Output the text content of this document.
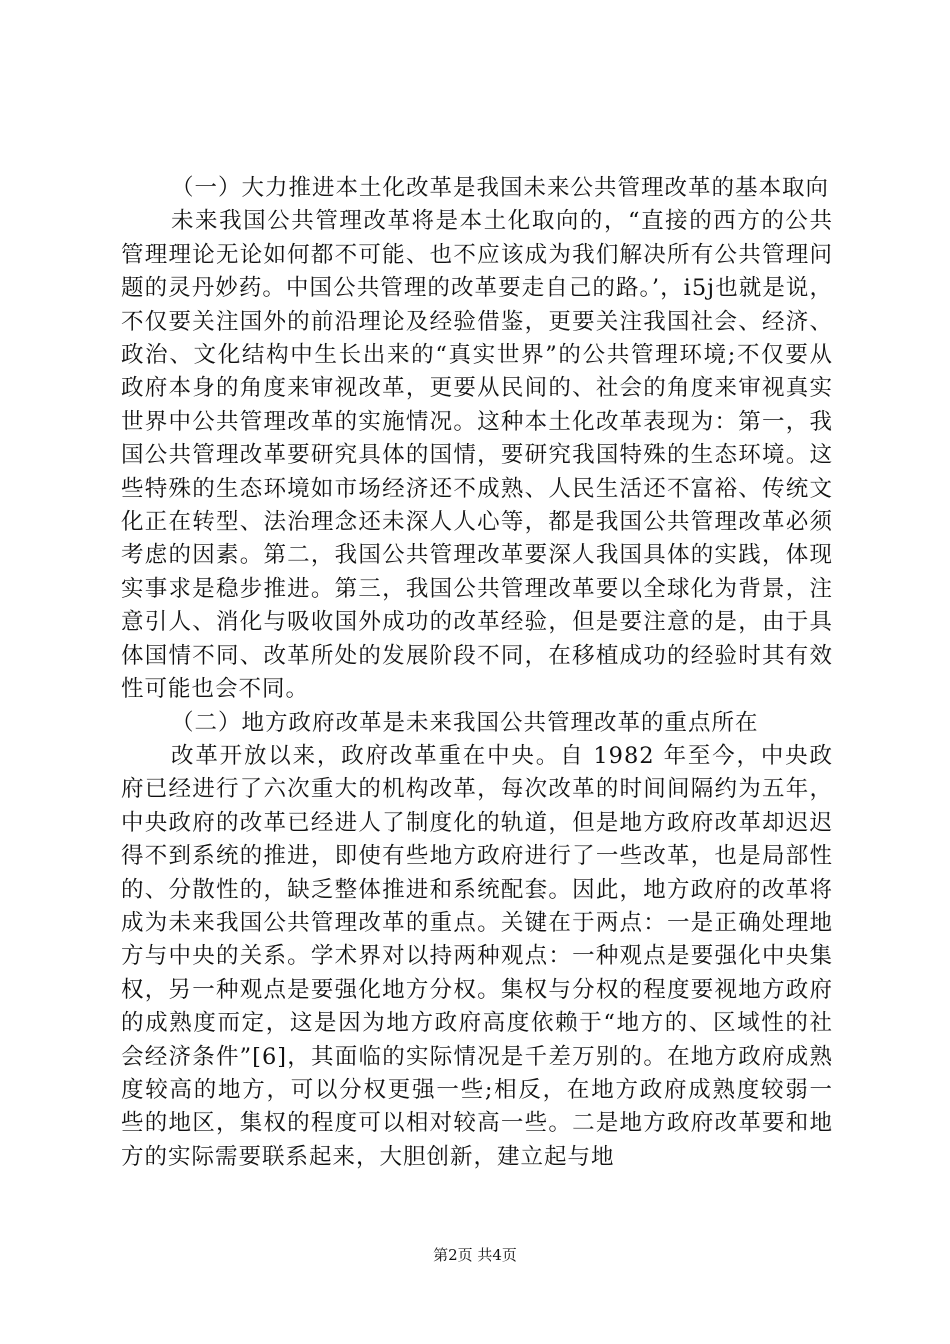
（一）大力推进本土化改革是我国未来公共管理改革的基本取向

未来我国公共管理改革将是本土化取向的，“直接的西方的公共管理理论无论如何都不可能、也不应该成为我们解决所有公共管理问题的灵丹妙药。中国公共管理的改革要走自己的路。’，i5j也就是说，不仅要关注国外的前沿理论及经验借鉴，更要关注我国社会、经济、政治、文化结构中生长出来的“真实世界”的公共管理环境;不仅要从政府本身的角度来审视改革，更要从民间的、社会的角度来审视真实世界中公共管理改革的实施情况。这种本土化改革表现为：第一，我国公共管理改革要研究具体的国情，要研究我国特殊的生态环境。这些特殊的生态环境如市场经济还不成熟、人民生活还不富裕、传统文化正在转型、法治理念还未深人人心等，都是我国公共管理改革必须考虑的因素。第二，我国公共管理改革要深人我国具体的实践，体现实事求是稳步推进。第三，我国公共管理改革要以全球化为背景，注意引人、消化与吸收国外成功的改革经验，但是要注意的是，由于具体国情不同、改革所处的发展阶段不同，在移植成功的经验时其有效性可能也会不同。

（二）地方政府改革是未来我国公共管理改革的重点所在

改革开放以来，政府改革重在中央。自 1982 年至今，中央政府已经进行了六次重大的机构改革，每次改革的时间间隔约为五年，中央政府的改革已经进人了制度化的轨道，但是地方政府改革却迟迟得不到系统的推进，即使有些地方政府进行了一些改革，也是局部性的、分散性的，缺乏整体推进和系统配套。因此，地方政府的改革将成为未来我国公共管理改革的重点。关键在于两点：一是正确处理地方与中央的关系。学术界对以持两种观点：一种观点是要强化中央集权，另一种观点是要强化地方分权。集权与分权的程度要视地方政府的成熟度而定，这是因为地方政府高度依赖于“地方的、区域性的社会经济条件”[6]，其面临的实际情况是千差万别的。在地方政府成熟度较高的地方，可以分权更强一些;相反，在地方政府成熟度较弱一些的地区，集权的程度可以相对较高一些。二是地方政府改革要和地方的实际需要联系起来，大胆创新，建立起与地

第2页 共4页
